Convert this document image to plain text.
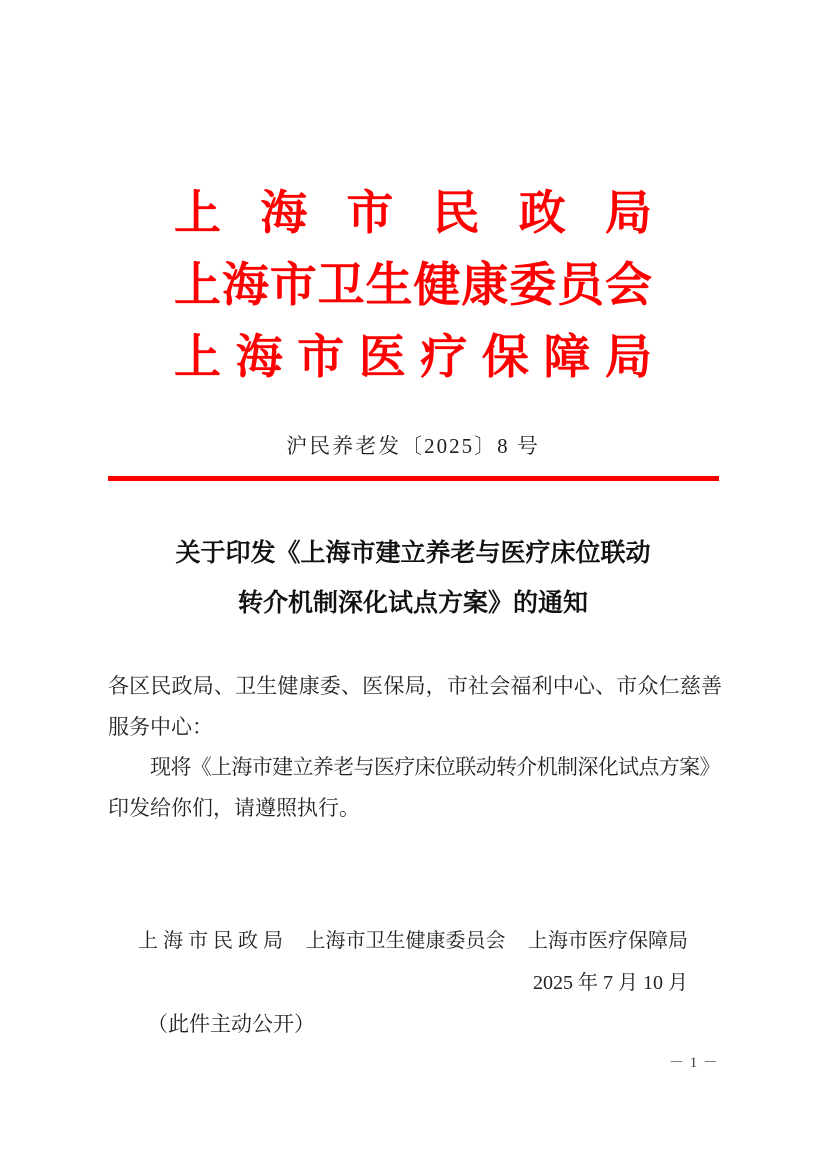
上海市民政局
上海市卫生健康委员会
上海市医疗保障局
沪民养老发〔2025〕8 号
关于印发《上海市建立养老与医疗床位联动
转介机制深化试点方案》的通知
各区民政局、卫生健康委、医保局，市社会福利中心、市众仁慈善
服务中心：
现将《上海市建立养老与医疗床位联动转介机制深化试点方案》
印发给你们，请遵照执行。
上 海 市 民 政 局 上海市卫生健康委员会 上海市医疗保障局
2025 年 7 月 10 月
（此件主动公开）
－ 1 －
